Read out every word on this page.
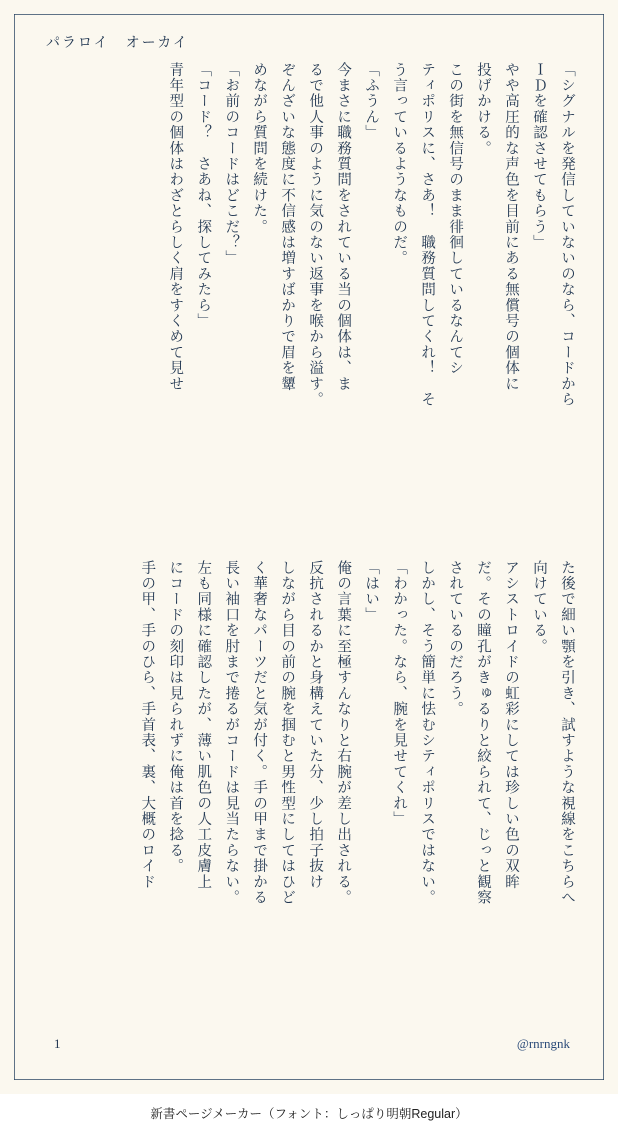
パラロイ　オーカイ

「シグナルを発信していないのなら、コードから

ＩＤを確認させてもらう」

やや高圧的な声色を目前にある無償号の個体に

投げかける。

この街を無信号のまま徘徊しているなんてシ

ティポリスに、さあ！　職務質問してくれ！　そ

う言っているようなものだ。

「ふうん」

今まさに職務質問をされている当の個体は、ま

るで他人事のように気のない返事を喉から溢す。

ぞんざいな態度に不信感は増すばかりで眉を顰

めながら質問を続けた。

「お前のコードはどこだ？」

「コード？　さあね、探してみたら」

青年型の個体はわざとらしく肩をすくめて見せ

た後で細い顎を引き、試すような視線をこちらへ

向けている。

アシストロイドの虹彩にしては珍しい色の双眸

だ。その瞳孔がきゅるりと絞られて、じっと観察

されているのだろう。

しかし、そう簡単に怯むシティポリスではない。

「わかった。なら、腕を見せてくれ」

「はい」

俺の言葉に至極すんなりと右腕が差し出される。

反抗されるかと身構えていた分、少し拍子抜け

しながら目の前の腕を掴むと男性型にしてはひど

く華奢なパーツだと気が付く。手の甲まで掛かる

長い袖口を肘まで捲るがコードは見当たらない。

左も同様に確認したが、薄い肌色の人工皮膚上

にコードの刻印は見られずに俺は首を捻る。

手の甲、手のひら、手首表、裏、大概のロイド

1	@rnrngnk
新書ページメーカー（フォント：しっぱり明朝Regular）
